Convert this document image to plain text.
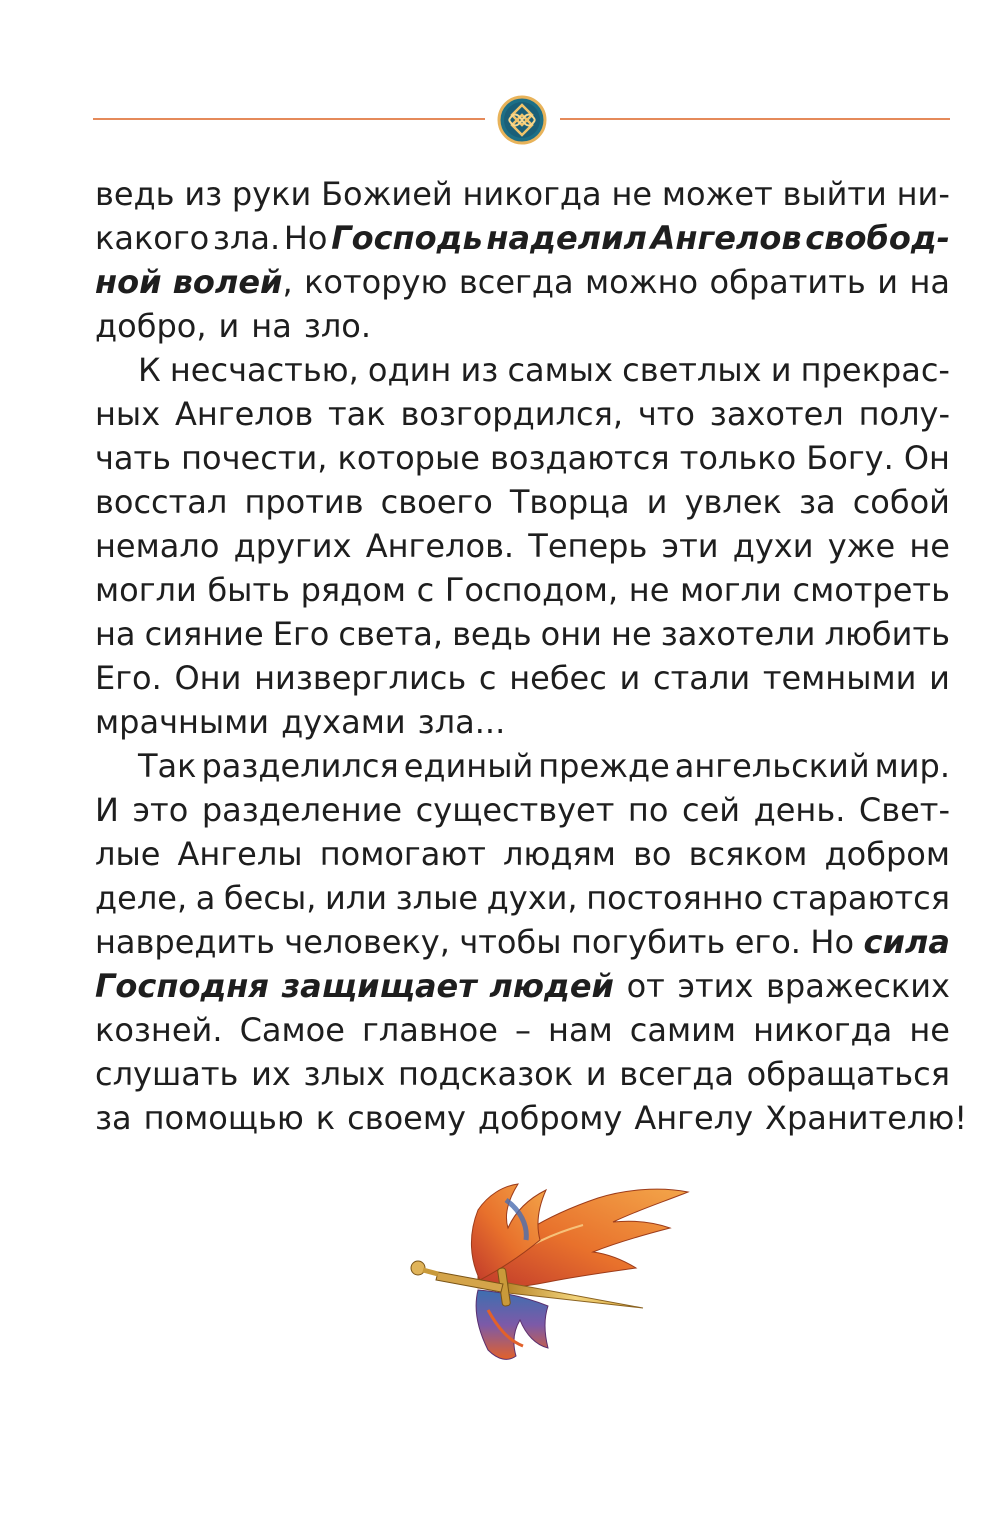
ведь из руки Божией никогда не может выйти ни-
какого зла. Но Господь наделил Ангелов свобод-
ной волей, которую всегда можно обратить и на
добро, и на зло.
К несчастью, один из самых светлых и прекрас-
ных Ангелов так возгордился, что захотел полу-
чать почести, которые воздаются только Богу. Он
восстал против своего Творца и увлек за собой
немало других Ангелов. Теперь эти духи уже не
могли быть рядом с Господом, не могли смотреть
на сияние Его света, ведь они не захотели любить
Его. Они низверглись с небес и стали темными и
мрачными духами зла...
Так разделился единый прежде ангельский мир.
И это разделение существует по сей день. Свет-
лые Ангелы помогают людям во всяком добром
деле, а бесы, или злые духи, постоянно стараются
навредить человеку, чтобы погубить его. Но сила
Господня защищает людей от этих вражеских
козней. Самое главное – нам самим никогда не
слушать их злых подсказок и всегда обращаться
за помощью к своему доброму Ангелу Хранителю!
